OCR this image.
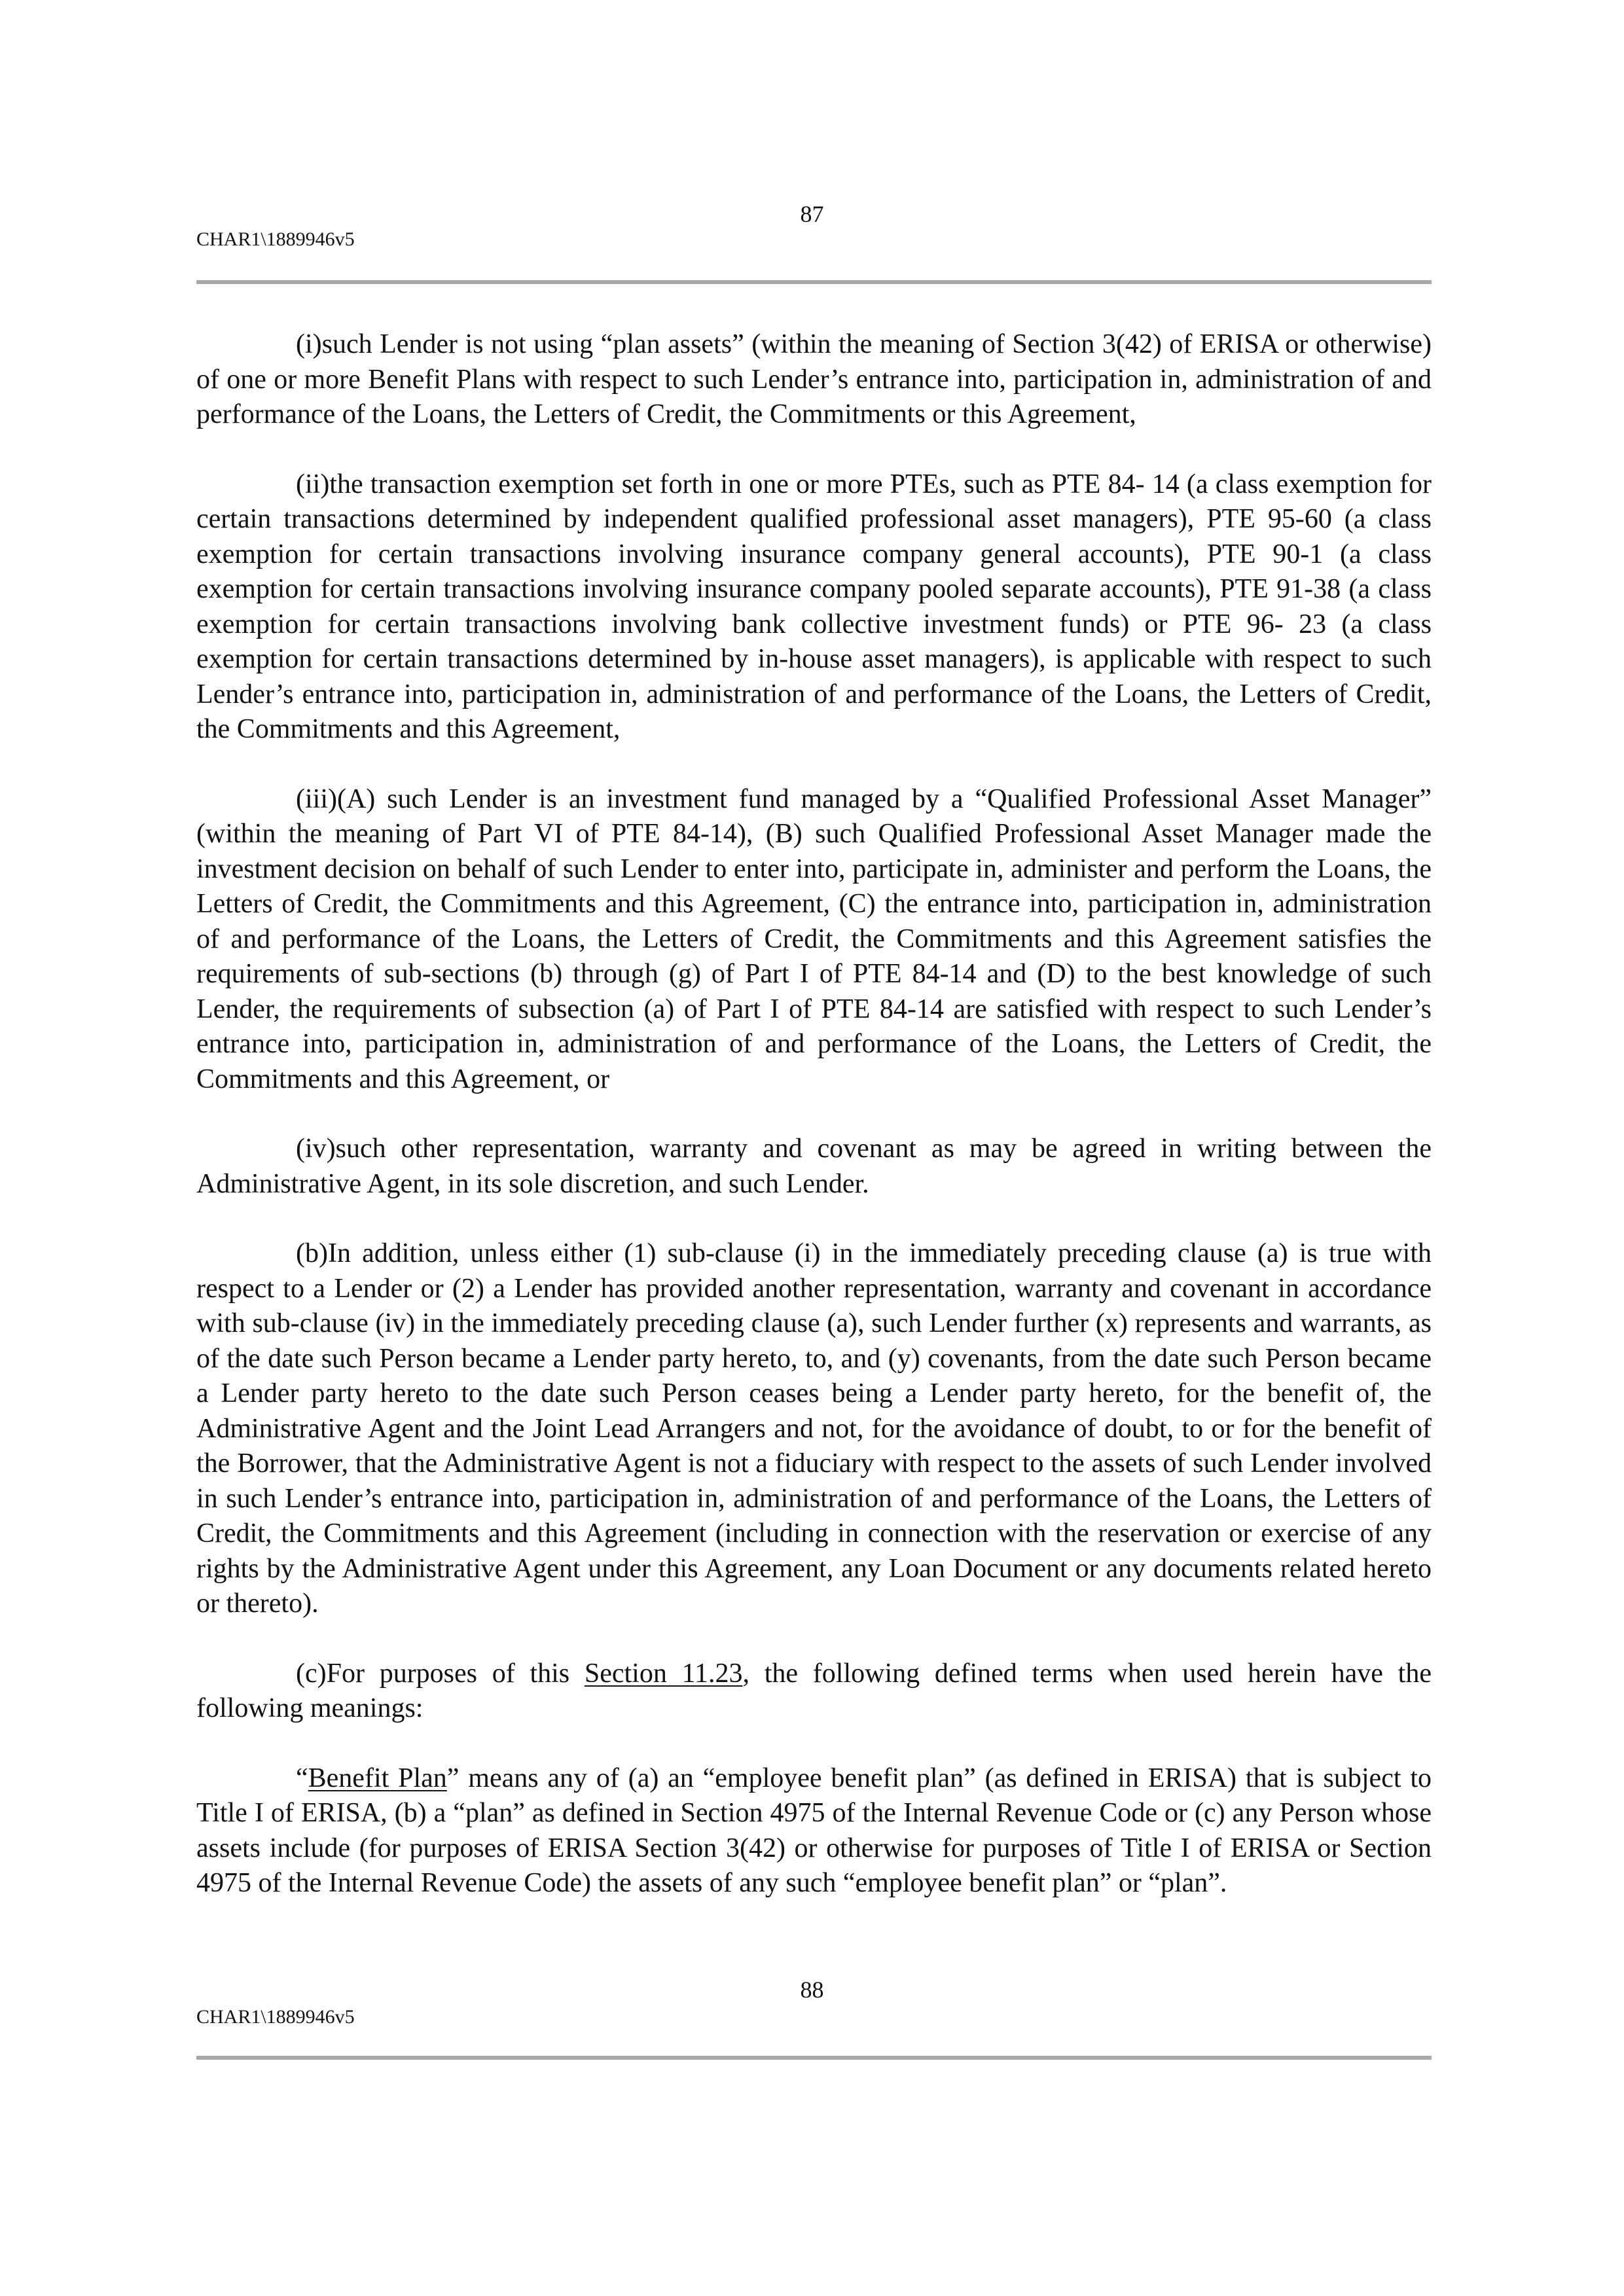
87
CHAR1\1889946v5

(i)such Lender is not using “plan assets” (within the meaning of Section 3(42) of ERISA or otherwise) of one or more Benefit Plans with respect to such Lender’s entrance into, participation in, administration of and performance of the Loans, the Letters of Credit, the Commitments or this Agreement,

(ii)the transaction exemption set forth in one or more PTEs, such as PTE 84- 14 (a class exemption for certain transactions determined by independent qualified professional asset managers), PTE 95-60 (a class exemption for certain transactions involving insurance company general accounts), PTE 90-1 (a class exemption for certain transactions involving insurance company pooled separate accounts), PTE 91-38 (a class exemption for certain transactions involving bank collective investment funds) or PTE 96- 23 (a class exemption for certain transactions determined by in-house asset managers), is applicable with respect to such Lender’s entrance into, participation in, administration of and performance of the Loans, the Letters of Credit, the Commitments and this Agreement,

(iii)(A) such Lender is an investment fund managed by a “Qualified Professional Asset Manager” (within the meaning of Part VI of PTE 84-14), (B) such Qualified Professional Asset Manager made the investment decision on behalf of such Lender to enter into, participate in, administer and perform the Loans, the Letters of Credit, the Commitments and this Agreement, (C) the entrance into, participation in, administration of and performance of the Loans, the Letters of Credit, the Commitments and this Agreement satisfies the requirements of sub-sections (b) through (g) of Part I of PTE 84-14 and (D) to the best knowledge of such Lender, the requirements of subsection (a) of Part I of PTE 84-14 are satisfied with respect to such Lender’s entrance into, participation in, administration of and performance of the Loans, the Letters of Credit, the Commitments and this Agreement, or

(iv)such other representation, warranty and covenant as may be agreed in writing between the Administrative Agent, in its sole discretion, and such Lender.

(b)In addition, unless either (1) sub-clause (i) in the immediately preceding clause (a) is true with respect to a Lender or (2) a Lender has provided another representation, warranty and covenant in accordance with sub-clause (iv) in the immediately preceding clause (a), such Lender further (x) represents and warrants, as of the date such Person became a Lender party hereto, to, and (y) covenants, from the date such Person became a Lender party hereto to the date such Person ceases being a Lender party hereto, for the benefit of, the Administrative Agent and the Joint Lead Arrangers and not, for the avoidance of doubt, to or for the benefit of the Borrower, that the Administrative Agent is not a fiduciary with respect to the assets of such Lender involved in such Lender’s entrance into, participation in, administration of and performance of the Loans, the Letters of Credit, the Commitments and this Agreement (including in connection with the reservation or exercise of any rights by the Administrative Agent under this Agreement, any Loan Document or any documents related hereto or thereto).

(c)For purposes of this Section 11.23, the following defined terms when used herein have the following meanings:

“Benefit Plan” means any of (a) an “employee benefit plan” (as defined in ERISA) that is subject to Title I of ERISA, (b) a “plan” as defined in Section 4975 of the Internal Revenue Code or (c) any Person whose assets include (for purposes of ERISA Section 3(42) or otherwise for purposes of Title I of ERISA or Section 4975 of the Internal Revenue Code) the assets of any such “employee benefit plan” or “plan”.

88
CHAR1\1889946v5
